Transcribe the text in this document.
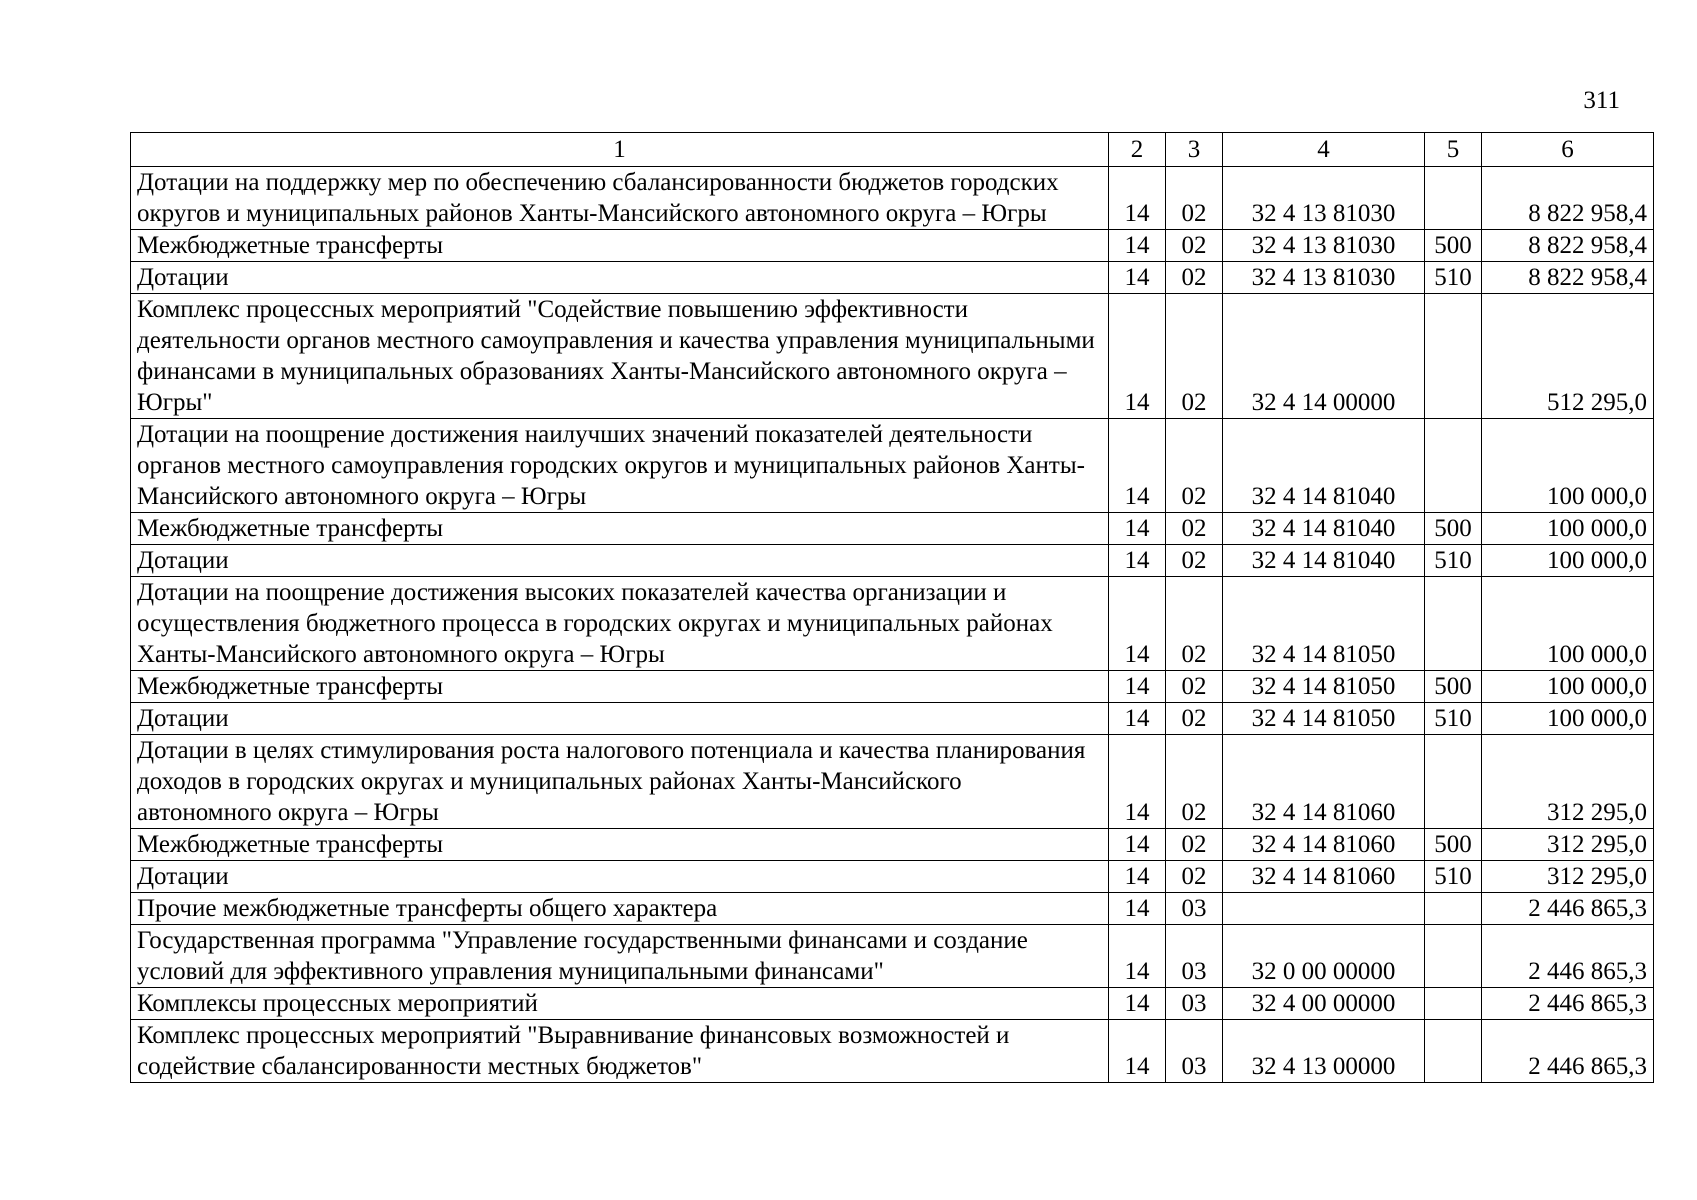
311
1	2	3	4	5	6
Дотации на поддержку мер по обеспечению сбалансированности бюджетов городских округов и муниципальных районов Ханты-Мансийского автономного округа – Югры	14	02	32 4 13 81030		8 822 958,4
Межбюджетные трансферты	14	02	32 4 13 81030	500	8 822 958,4
Дотации	14	02	32 4 13 81030	510	8 822 958,4
Комплекс процессных мероприятий "Содействие повышению эффективности деятельности органов местного самоуправления и качества управления муниципальными финансами в муниципальных образованиях Ханты-Мансийского автономного округа – Югры"	14	02	32 4 14 00000		512 295,0
Дотации на поощрение достижения наилучших значений показателей деятельности органов местного самоуправления городских округов и муниципальных районов Ханты-Мансийского автономного округа – Югры	14	02	32 4 14 81040		100 000,0
Межбюджетные трансферты	14	02	32 4 14 81040	500	100 000,0
Дотации	14	02	32 4 14 81040	510	100 000,0
Дотации на поощрение достижения высоких показателей качества организации и осуществления бюджетного процесса в городских округах и муниципальных районах Ханты-Мансийского автономного округа – Югры	14	02	32 4 14 81050		100 000,0
Межбюджетные трансферты	14	02	32 4 14 81050	500	100 000,0
Дотации	14	02	32 4 14 81050	510	100 000,0
Дотации в целях стимулирования роста налогового потенциала и качества планирования доходов в городских округах и муниципальных районах Ханты-Мансийского автономного округа – Югры	14	02	32 4 14 81060		312 295,0
Межбюджетные трансферты	14	02	32 4 14 81060	500	312 295,0
Дотации	14	02	32 4 14 81060	510	312 295,0
Прочие межбюджетные трансферты общего характера	14	03			2 446 865,3
Государственная программа "Управление государственными финансами и создание условий для эффективного управления муниципальными финансами"	14	03	32 0 00 00000		2 446 865,3
Комплексы процессных мероприятий	14	03	32 4 00 00000		2 446 865,3
Комплекс процессных мероприятий "Выравнивание финансовых возможностей и содействие сбалансированности местных бюджетов"	14	03	32 4 13 00000		2 446 865,3
